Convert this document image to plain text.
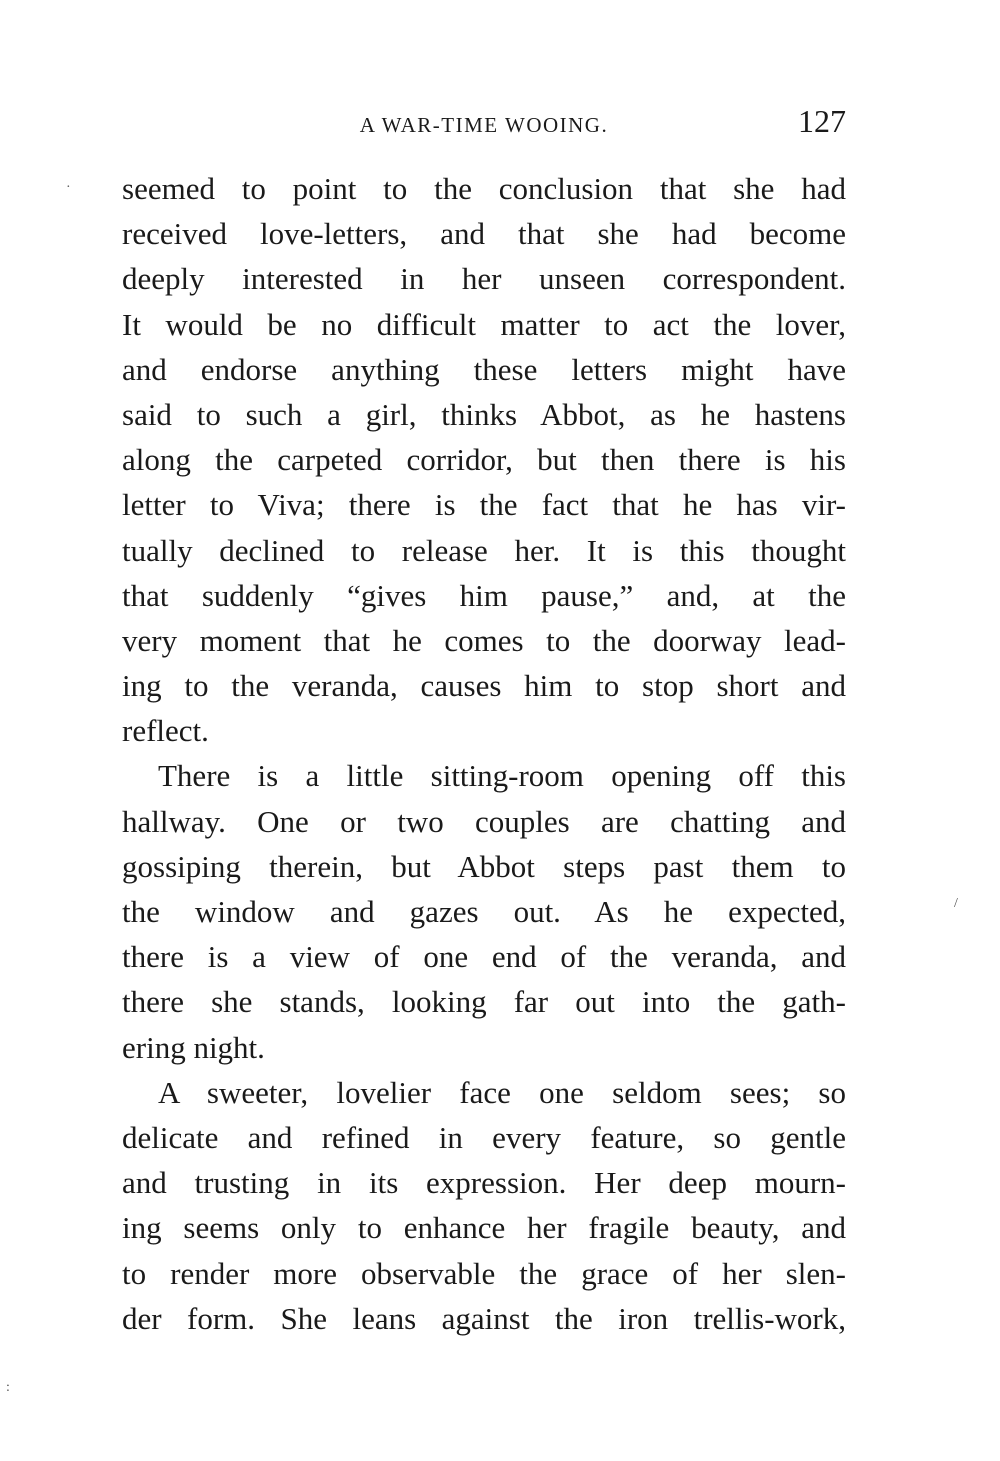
A WAR-TIME WOOING.	127
seemed to point to the conclusion that she had
received love-letters, and that she had become
deeply interested in her unseen correspondent.
It would be no difficult matter to act the lover,
and endorse anything these letters might have
said to such a girl, thinks Abbot, as he hastens
along the carpeted corridor, but then there is his
letter to Viva; there is the fact that he has vir-
tually declined to release her. It is this thought
that suddenly “gives him pause,” and, at the
very moment that he comes to the doorway lead-
ing to the veranda, causes him to stop short and
reflect.
There is a little sitting-room opening off this
hallway. One or two couples are chatting and
gossiping therein, but Abbot steps past them to
the window and gazes out. As he expected,
there is a view of one end of the veranda, and
there she stands, looking far out into the gath-
ering night.
A sweeter, lovelier face one seldom sees; so
delicate and refined in every feature, so gentle
and trusting in its expression. Her deep mourn-
ing seems only to enhance her fragile beauty, and
to render more observable the grace of her slen-
der form. She leans against the iron trellis-work,
·
/
:
